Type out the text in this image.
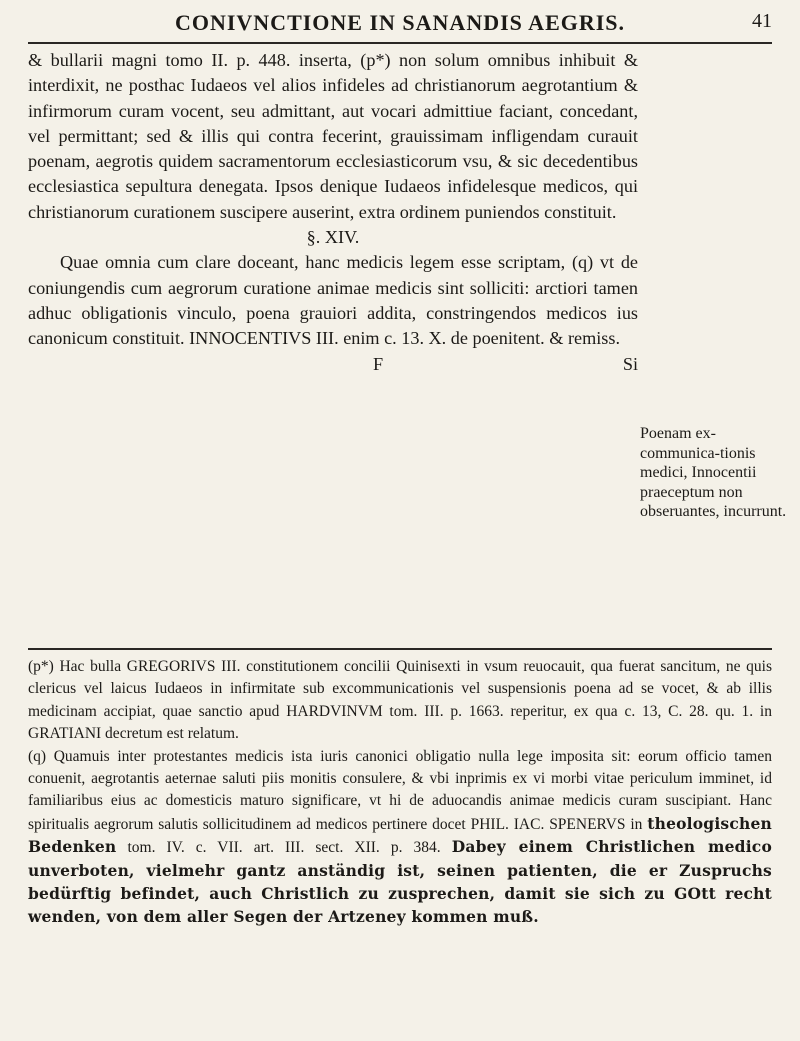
CONIVNCTIONE IN SANANDIS AEGRIS.	41

& bullarii magni tomo II. p. 448. inserta, (p*) non solum omnibus inhibuit & interdixit, ne posthac Iudaeos vel alios infideles ad christianorum aegrotantium & infirmorum curam vocent, seu admittant, aut vocari admittiue faciant, concedant, vel permittant; sed & illis qui contra fecerint, grauissimam infligendam curauit poenam, aegrotis quidem sacramentorum ecclesiasticorum vsu, & sic decedentibus ecclesiastica sepultura denegata. Ipsos denique Iudaeos infidelesque medicos, qui christianorum curationem suscipere auserint, extra ordinem puniendos constituit.

§. XIV.

Quae omnia cum clare doceant, hanc medicis legem esse scriptam, (q) vt de coniungendis cum aegrorum curatione animae medicis sint solliciti: arctiori tamen adhuc obligationis vinculo, poena grauiori addita, constringendos medicos ius canonicum constituit. INNOCENTIVS III. enim c. 13. X. de poenitent. & remiss.

F	Si

Poenam ex-communica-tionis medici, Innocentii praeceptum non obseruantes, incurrunt.

(p*) Hac bulla GREGORIVS III. constitutionem concilii Quinisexti in vsum reuocauit, qua fuerat sancitum, ne quis clericus vel laicus Iudaeos in infirmitate sub excommunicationis vel suspensionis poena ad se vocet, & ab illis medicinam accipiat, quae sanctio apud HARDVINVM tom. III. p. 1663. reperitur, ex qua c. 13, C. 28. qu. 1. in GRATIANI decretum est relatum.

(q) Quamuis inter protestantes medicis ista iuris canonici obligatio nulla lege imposita sit: eorum officio tamen conuenit, aegrotantis aeternae saluti piis monitis consulere, & vbi inprimis ex vi morbi vitae periculum imminet, id familiaribus eius ac domesticis maturo significare, vt hi de aduocandis animae medicis curam suscipiant. Hanc spiritualis aegrorum salutis sollicitudinem ad medicos pertinere docet PHIL. IAC. SPENERVS in theologischen Bedenken tom. IV. c. VII. art. III. sect. XII. p. 384. Dabey einem Christlichen medico unverboten, vielmehr gantz anständig ist, seinen patienten, die er Zuspruchs bedürftig befindet, auch Christlich zu zusprechen, damit sie sich zu GOtt recht wenden, von dem aller Segen der Artzeney kommen muß.
